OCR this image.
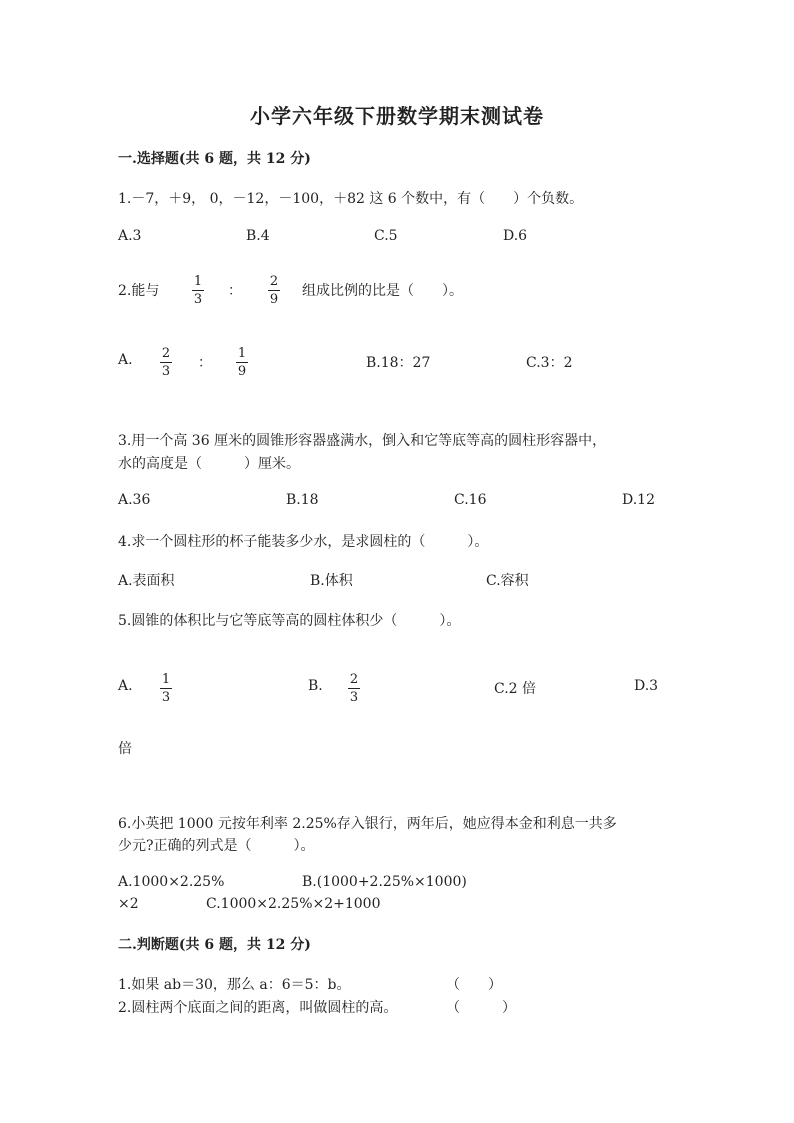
小学六年级下册数学期末测试卷
一.选择题(共 6 题，共 12 分)
1.－7，＋9， 0，－12，－100，＋82 这 6 个数中，有（　　）个负数。
A.3	B.4	C.5	D.6
2.能与
1
3
：
2
9
组成比例的比是（　　）。
A. 2
3
：
1
9
B.18：27	C.3：2
3.用一个高 36 厘米的圆锥形容器盛满水，倒入和它等底等高的圆柱形容器中，
水的高度是（　　　）厘米。
A.36	B.18	C.16	D.12
4.求一个圆柱形的杯子能装多少水，是求圆柱的（　　　）。
A.表面积	B.体积	C.容积
5.圆锥的体积比与它等底等高的圆柱体积少（　　　）。
A. 1
3
B. 2
3
C.2 倍	D.3
倍
6.小英把 1000 元按年利率 2.25%存入银行，两年后，她应得本金和利息一共多
少元?正确的列式是（　　　）。
A.1000×2.25%	B.(1000+2.25%×1000)
×2	C.1000×2.25%×2+1000
二.判断题(共 6 题，共 12 分)
1.如果 ab＝30，那么 a：6＝5：b。	（　　）
2.圆柱两个底面之间的距离，叫做圆柱的高。	（　　　）
